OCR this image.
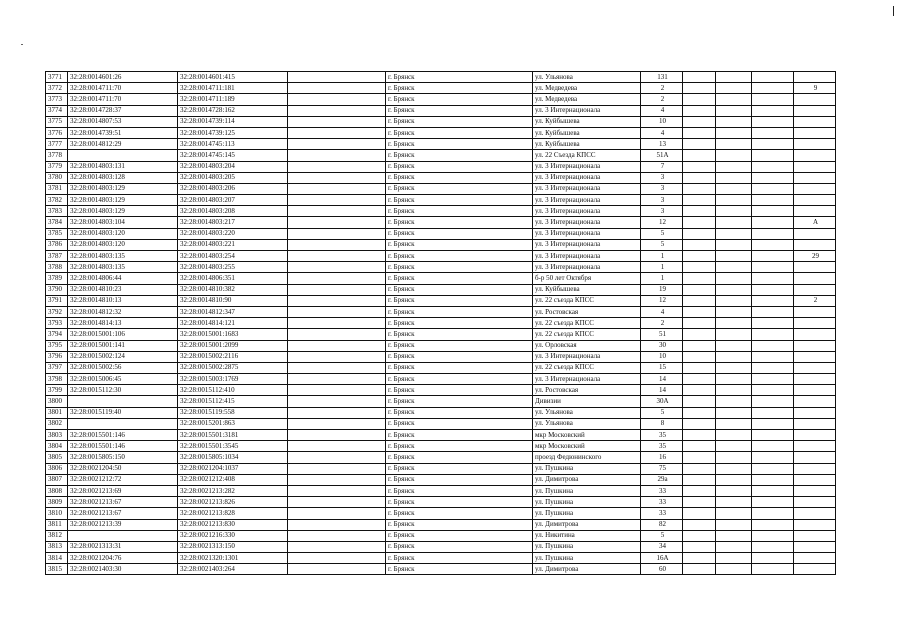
3771	32:28:0014601:26	32:28:0014601:415		г. Брянск	ул. Ульянова	131				
3772	32:28:0014711:70	32:28:0014711:181		г. Брянск	ул. Медведева	2				9
3773	32:28:0014711:70	32:28:0014711:189		г. Брянск	ул. Медведева	2				
3774	32:28:0014728:37	32:28:0014728:162		г. Брянск	ул. 3 Интернационала	4				
3775	32:28:0014807:53	32:28:0014739:114		г. Брянск	ул. Куйбышева	10				
3776	32:28:0014739:51	32:28:0014739:125		г. Брянск	ул. Куйбышева	4				
3777	32:28:0014812:29	32:28:0014745:113		г. Брянск	ул. Куйбышева	13				
3778		32:28:0014745:145		г. Брянск	ул. 22 Съезда КПСС	51А				
3779	32:28:0014803:131	32:28:0014803:204		г. Брянск	ул. 3 Интернационала	7				
3780	32:28:0014803:128	32:28:0014803:205		г. Брянск	ул. 3 Интернационала	3				
3781	32:28:0014803:129	32:28:0014803:206		г. Брянск	ул. 3 Интернационала	3				
3782	32:28:0014803:129	32:28:0014803:207		г. Брянск	ул. 3 Интернационала	3				
3783	32:28:0014803:129	32:28:0014803:208		г. Брянск	ул. 3 Интернационала	3				
3784	32:28:0014803:104	32:28:0014803:217		г. Брянск	ул. 3 Интернационала	12				А
3785	32:28:0014803:120	32:28:0014803:220		г. Брянск	ул. 3 Интернационала	5				
3786	32:28:0014803:120	32:28:0014803:221		г. Брянск	ул. 3 Интернационала	5				
3787	32:28:0014803:135	32:28:0014803:254		г. Брянск	ул. 3 Интернационала	1				29
3788	32:28:0014803:135	32:28:0014803:255		г. Брянск	ул. 3 Интернационала	1				
3789	32:28:0014806:44	32:28:0014806:351		г. Брянск	б-р 50 лет Октября	1				
3790	32:28:0014810:23	32:28:0014810:382		г. Брянск	ул. Куйбышева	19				
3791	32:28:0014810:13	32:28:0014810:90		г. Брянск	ул. 22 съезда КПСС	12				2
3792	32:28:0014812:32	32:28:0014812:347		г. Брянск	ул. Ростовская	4				
3793	32:28:0014814:13	32:28:0014814:121		г. Брянск	ул. 22 съезда КПСС	2				
3794	32:28:0015001:106	32:28:0015001:1683		г. Брянск	ул. 22 съезда КПСС	51				
3795	32:28:0015001:141	32:28:0015001:2099		г. Брянск	ул. Орловская	30				
3796	32:28:0015002:124	32:28:0015002:2116		г. Брянск	ул. 3 Интернационала	10				
3797	32:28:0015002:56	32:28:0015002:2875		г. Брянск	ул. 22 съезда КПСС	15				
3798	32:28:0015006:45	32:28:0015003:1769		г. Брянск	ул. 3 Интернационала	14				
3799	32:28:0015112:30	32:28:0015112:410		г. Брянск	ул. Ростовская	14				
3800		32:28:0015112:415		г. Брянск	Дивизии	30А				
3801	32:28:0015119:40	32:28:0015119:558		г. Брянск	ул. Ульянова	5				
3802		32:28:0015201:863		г. Брянск	ул. Ульянова	8				
3803	32:28:0015501:146	32:28:0015501:3181		г. Брянск	мкр Московский	35				
3804	32:28:0015501:146	32:28:0015501:3545		г. Брянск	мкр Московский	35				
3805	32:28:0015805:150	32:28:0015805:1034		г. Брянск	проезд Федюнинского	16				
3806	32:28:0021204:50	32:28:0021204:1037		г. Брянск	ул. Пушкина	75				
3807	32:28:0021212:72	32:28:0021212:408		г. Брянск	ул. Димитрова	29а				
3808	32:28:0021213:69	32:28:0021213:282		г. Брянск	ул. Пушкина	33				
3809	32:28:0021213:67	32:28:0021213:826		г. Брянск	ул. Пушкина	33				
3810	32:28:0021213:67	32:28:0021213:828		г. Брянск	ул. Пушкина	33				
3811	32:28:0021213:39	32:28:0021213:830		г. Брянск	ул. Димитрова	82				
3812		32:28:0021216:330		г. Брянск	ул. Никитина	5				
3813	32:28:0021313:31	32:28:0021313:150		г. Брянск	ул. Пушкина	34				
3814	32:28:0021204:76	32:28:0021320:1301		г. Брянск	ул. Пушкина	16А				
3815	32:28:0021403:30	32:28:0021403:264		г. Брянск	ул. Димитрова	60				
